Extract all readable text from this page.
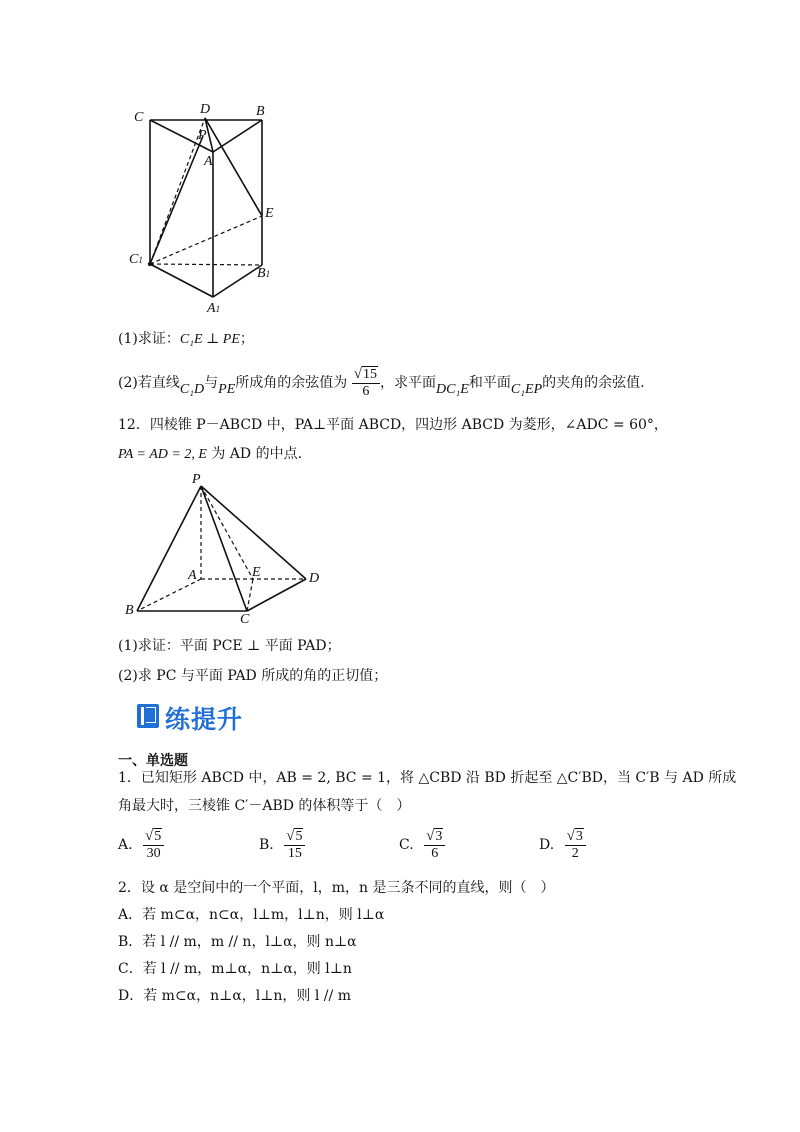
C
D	B
P
A
E
C1
B1
A1
(1)求证：C₁E ⊥ PE；
(2)若直线C₁D与PE所成角的余弦值为 $\frac{√ 15}{6}$ ，求平面DC₁E和平面C₁EP的夹角的余弦值.
12．四棱锥 P－ABCD 中，PA⊥平面 ABCD，四边形 ABCD 为菱形，∠ADC = 60°，
PA = AD = 2, E 为 AD 的中点.
P
A	E	D
B
C
(1)求证：平面 PCE ⊥ 平面 PAD；
(2)求 PC 与平面 PAD 所成的角的正切值；
练提升
一、单选题
1．已知矩形 ABCD 中，AB = 2, BC = 1，将 △CBD 沿 BD 折起至 △C′BD，当 C′B 与 AD 所成
角最大时，三棱锥 C′－ABD 的体积等于（　）
A. $\frac{√ 5}{30}$	B. $\frac{√ 5}{15}$	C. $\frac{√ 3}{6}$	D. $\frac{√ 3}{2}$
2．设 α 是空间中的一个平面，l，m，n 是三条不同的直线，则（　）
A．若 m⊂α，n⊂α，l⊥m，l⊥n，则 l⊥α
B．若 l // m，m // n，l⊥α，则 n⊥α
C．若 l // m，m⊥α，n⊥α，则 l⊥n
D．若 m⊂α，n⊥α，l⊥n，则 l // m
